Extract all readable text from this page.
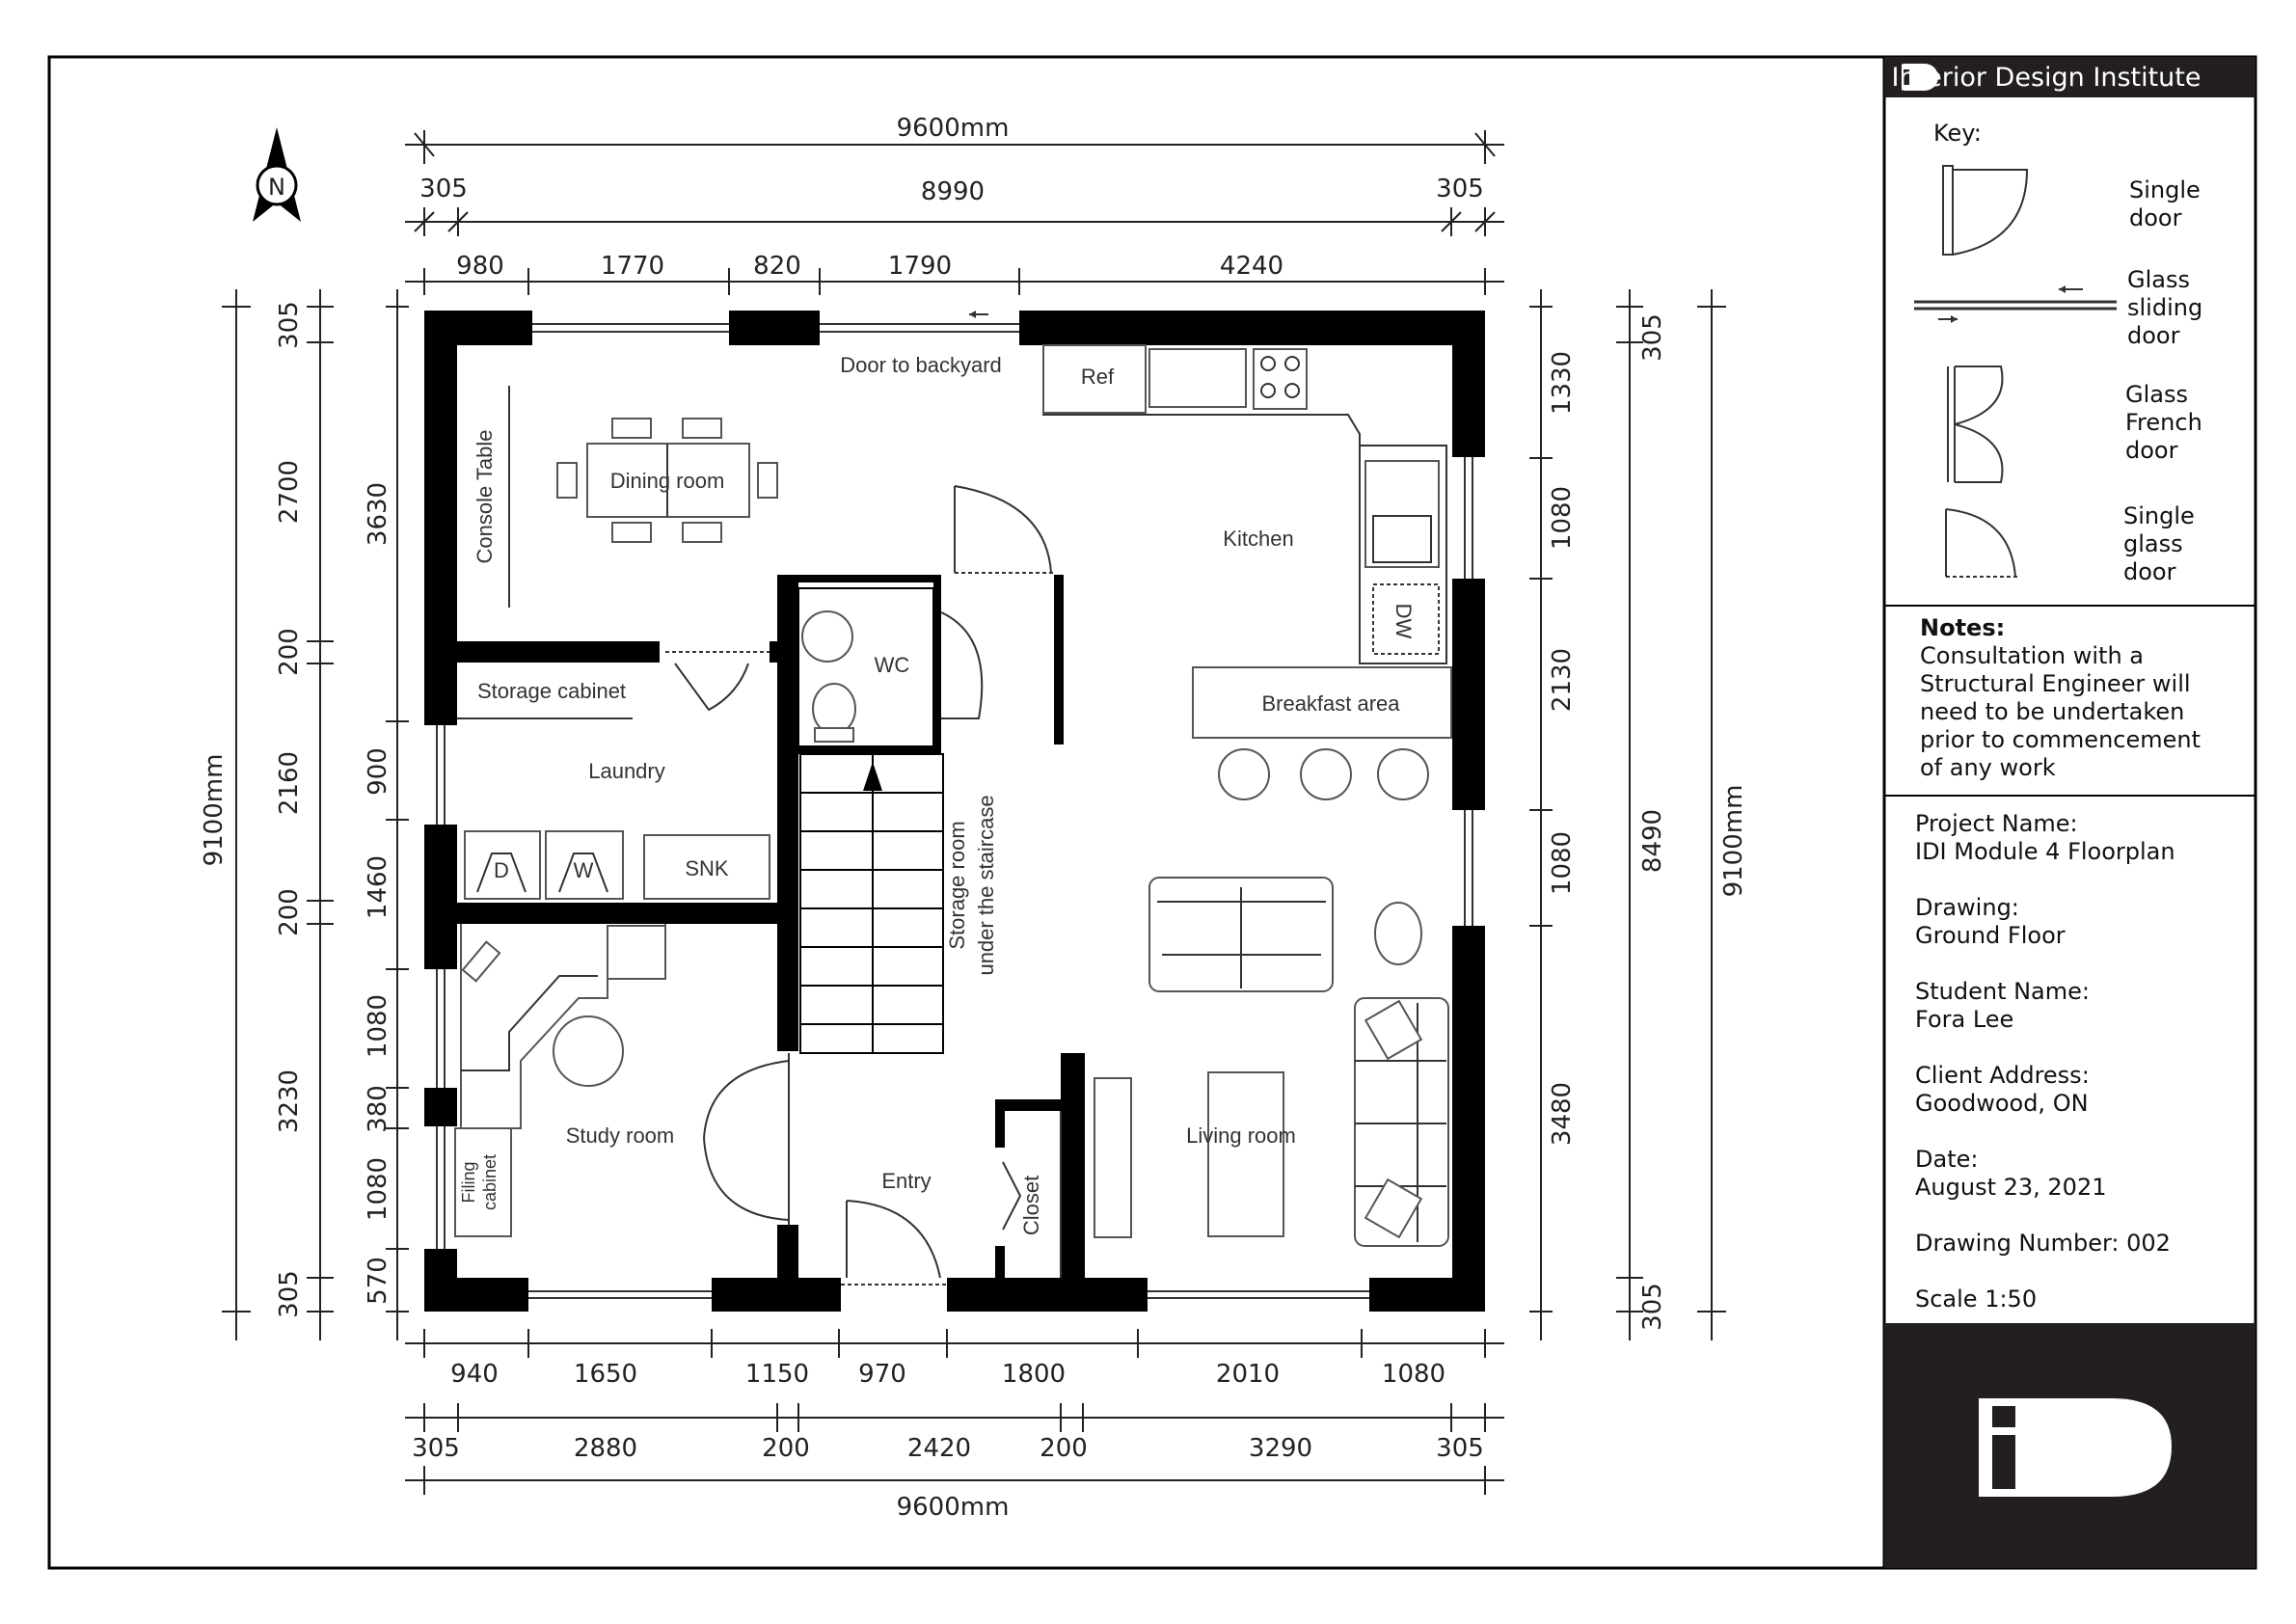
N
9600mm
305	8990	305
980	1770	820	1790	4240
940	1650	1150 970	1800	2010	1080
305	2880	200	2420	200	3290	305
9600mm
9100mm
305
2700
200
2160
200
3230
305
3630
900
1460
1080
380
1080
570
1330
1080
2130
1080
3480
305
8490
305
9100mm
Door to backyard	Ref
Kitchen
DW
Breakfast area
Dining room
Console Table
Storage cabinet
Laundry
D	W	SNK
WC
Storage room under the staircase
Study room
Filing cabinet	Entry	Closet
Living room
Interior Design Institute
Key:
Single
door
Glass
sliding
door
Glass
French
door
Single
glass
door
Notes:
Consultation with a
Structural Engineer will
need to be undertaken
prior to commencement
of any work
Project Name:
IDI Module 4 Floorplan
Drawing:
Ground Floor
Student Name:
Fora Lee
Client Address:
Goodwood, ON
Date:
August 23, 2021
Drawing Number: 002
Scale 1:50
